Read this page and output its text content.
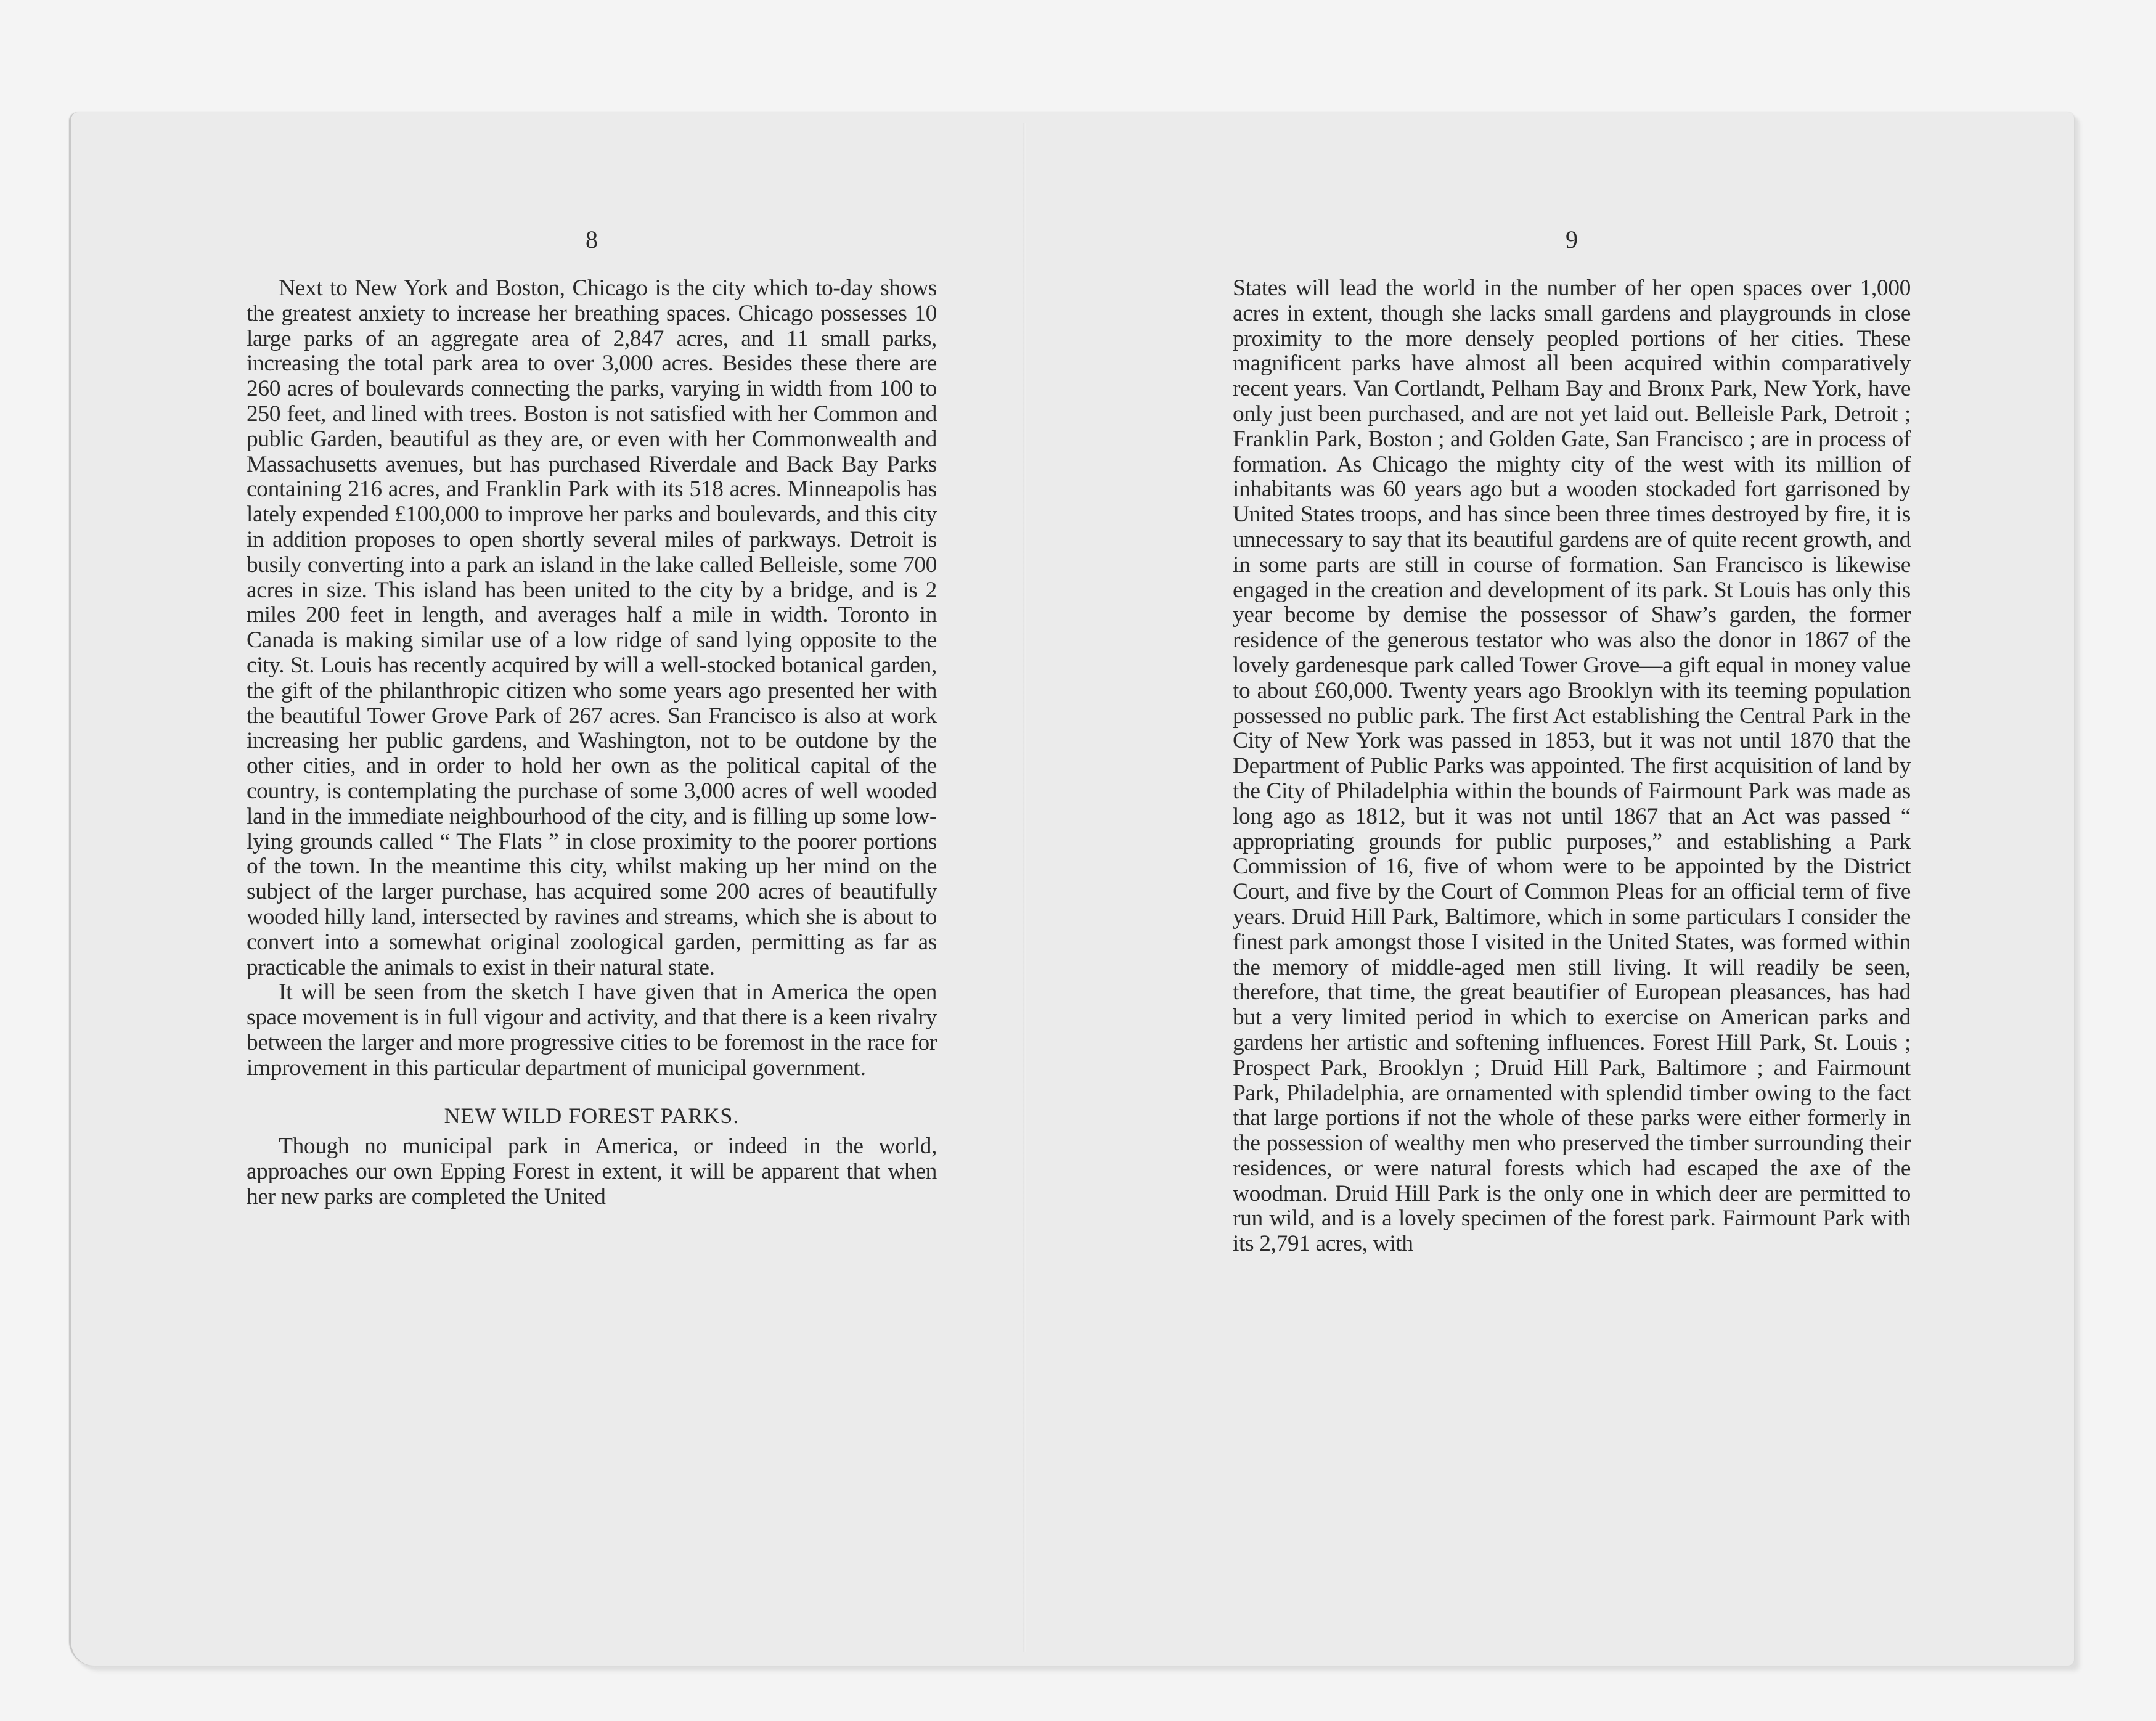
8

Next to New York and Boston, Chicago is the city which to-day shows the greatest anxiety to increase her breathing spaces. Chicago possesses 10 large parks of an aggregate area of 2,847 acres, and 11 small parks, increasing the total park area to over 3,000 acres. Besides these there are 260 acres of boulevards connecting the parks, varying in width from 100 to 250 feet, and lined with trees. Boston is not satisfied with her Common and public Garden, beautiful as they are, or even with her Commonwealth and Massachusetts avenues, but has purchased Riverdale and Back Bay Parks containing 216 acres, and Franklin Park with its 518 acres. Minneapolis has lately expended £100,000 to improve her parks and boulevards, and this city in addition proposes to open shortly several miles of parkways. Detroit is busily converting into a park an island in the lake called Belleisle, some 700 acres in size. This island has been united to the city by a bridge, and is 2 miles 200 feet in length, and averages half a mile in width. Toronto in Canada is making similar use of a low ridge of sand lying opposite to the city. St. Louis has recently acquired by will a well-stocked botanical garden, the gift of the philanthropic citizen who some years ago presented her with the beautiful Tower Grove Park of 267 acres. San Francisco is also at work increasing her public gardens, and Washington, not to be outdone by the other cities, and in order to hold her own as the political capital of the country, is contemplating the purchase of some 3,000 acres of well wooded land in the immediate neighbourhood of the city, and is filling up some low-lying grounds called “ The Flats ” in close proximity to the poorer portions of the town. In the meantime this city, whilst making up her mind on the subject of the larger purchase, has acquired some 200 acres of beautifully wooded hilly land, intersected by ravines and streams, which she is about to convert into a somewhat original zoological garden, permitting as far as practicable the animals to exist in their natural state.

It will be seen from the sketch I have given that in America the open space movement is in full vigour and activity, and that there is a keen rivalry between the larger and more progressive cities to be foremost in the race for improvement in this particular department of municipal government.

NEW WILD FOREST PARKS.

Though no municipal park in America, or indeed in the world, approaches our own Epping Forest in extent, it will be apparent that when her new parks are completed the United

9

States will lead the world in the number of her open spaces over 1,000 acres in extent, though she lacks small gardens and playgrounds in close proximity to the more densely peopled portions of her cities. These magnificent parks have almost all been acquired within comparatively recent years. Van Cortlandt, Pelham Bay and Bronx Park, New York, have only just been purchased, and are not yet laid out. Belleisle Park, Detroit ; Franklin Park, Boston ; and Golden Gate, San Francisco ; are in process of formation. As Chicago the mighty city of the west with its million of inhabitants was 60 years ago but a wooden stockaded fort garrisoned by United States troops, and has since been three times destroyed by fire, it is unnecessary to say that its beautiful gardens are of quite recent growth, and in some parts are still in course of formation. San Francisco is likewise engaged in the creation and development of its park. St Louis has only this year become by demise the possessor of Shaw’s garden, the former residence of the generous testator who was also the donor in 1867 of the lovely gardenesque park called Tower Grove—a gift equal in money value to about £60,000. Twenty years ago Brooklyn with its teeming population possessed no public park. The first Act establishing the Central Park in the City of New York was passed in 1853, but it was not until 1870 that the Department of Public Parks was appointed. The first acquisition of land by the City of Philadelphia within the bounds of Fairmount Park was made as long ago as 1812, but it was not until 1867 that an Act was passed “ appropriating grounds for public purposes,” and establishing a Park Commission of 16, five of whom were to be appointed by the District Court, and five by the Court of Common Pleas for an official term of five years. Druid Hill Park, Baltimore, which in some particulars I consider the finest park amongst those I visited in the United States, was formed within the memory of middle-aged men still living. It will readily be seen, therefore, that time, the great beautifier of European pleasances, has had but a very limited period in which to exercise on American parks and gardens her artistic and softening influences. Forest Hill Park, St. Louis ; Prospect Park, Brooklyn ; Druid Hill Park, Baltimore ; and Fairmount Park, Philadelphia, are ornamented with splendid timber owing to the fact that large portions if not the whole of these parks were either formerly in the possession of wealthy men who preserved the timber surrounding their residences, or were natural forests which had escaped the axe of the woodman. Druid Hill Park is the only one in which deer are permitted to run wild, and is a lovely specimen of the forest park. Fairmount Park with its 2,791 acres, with
